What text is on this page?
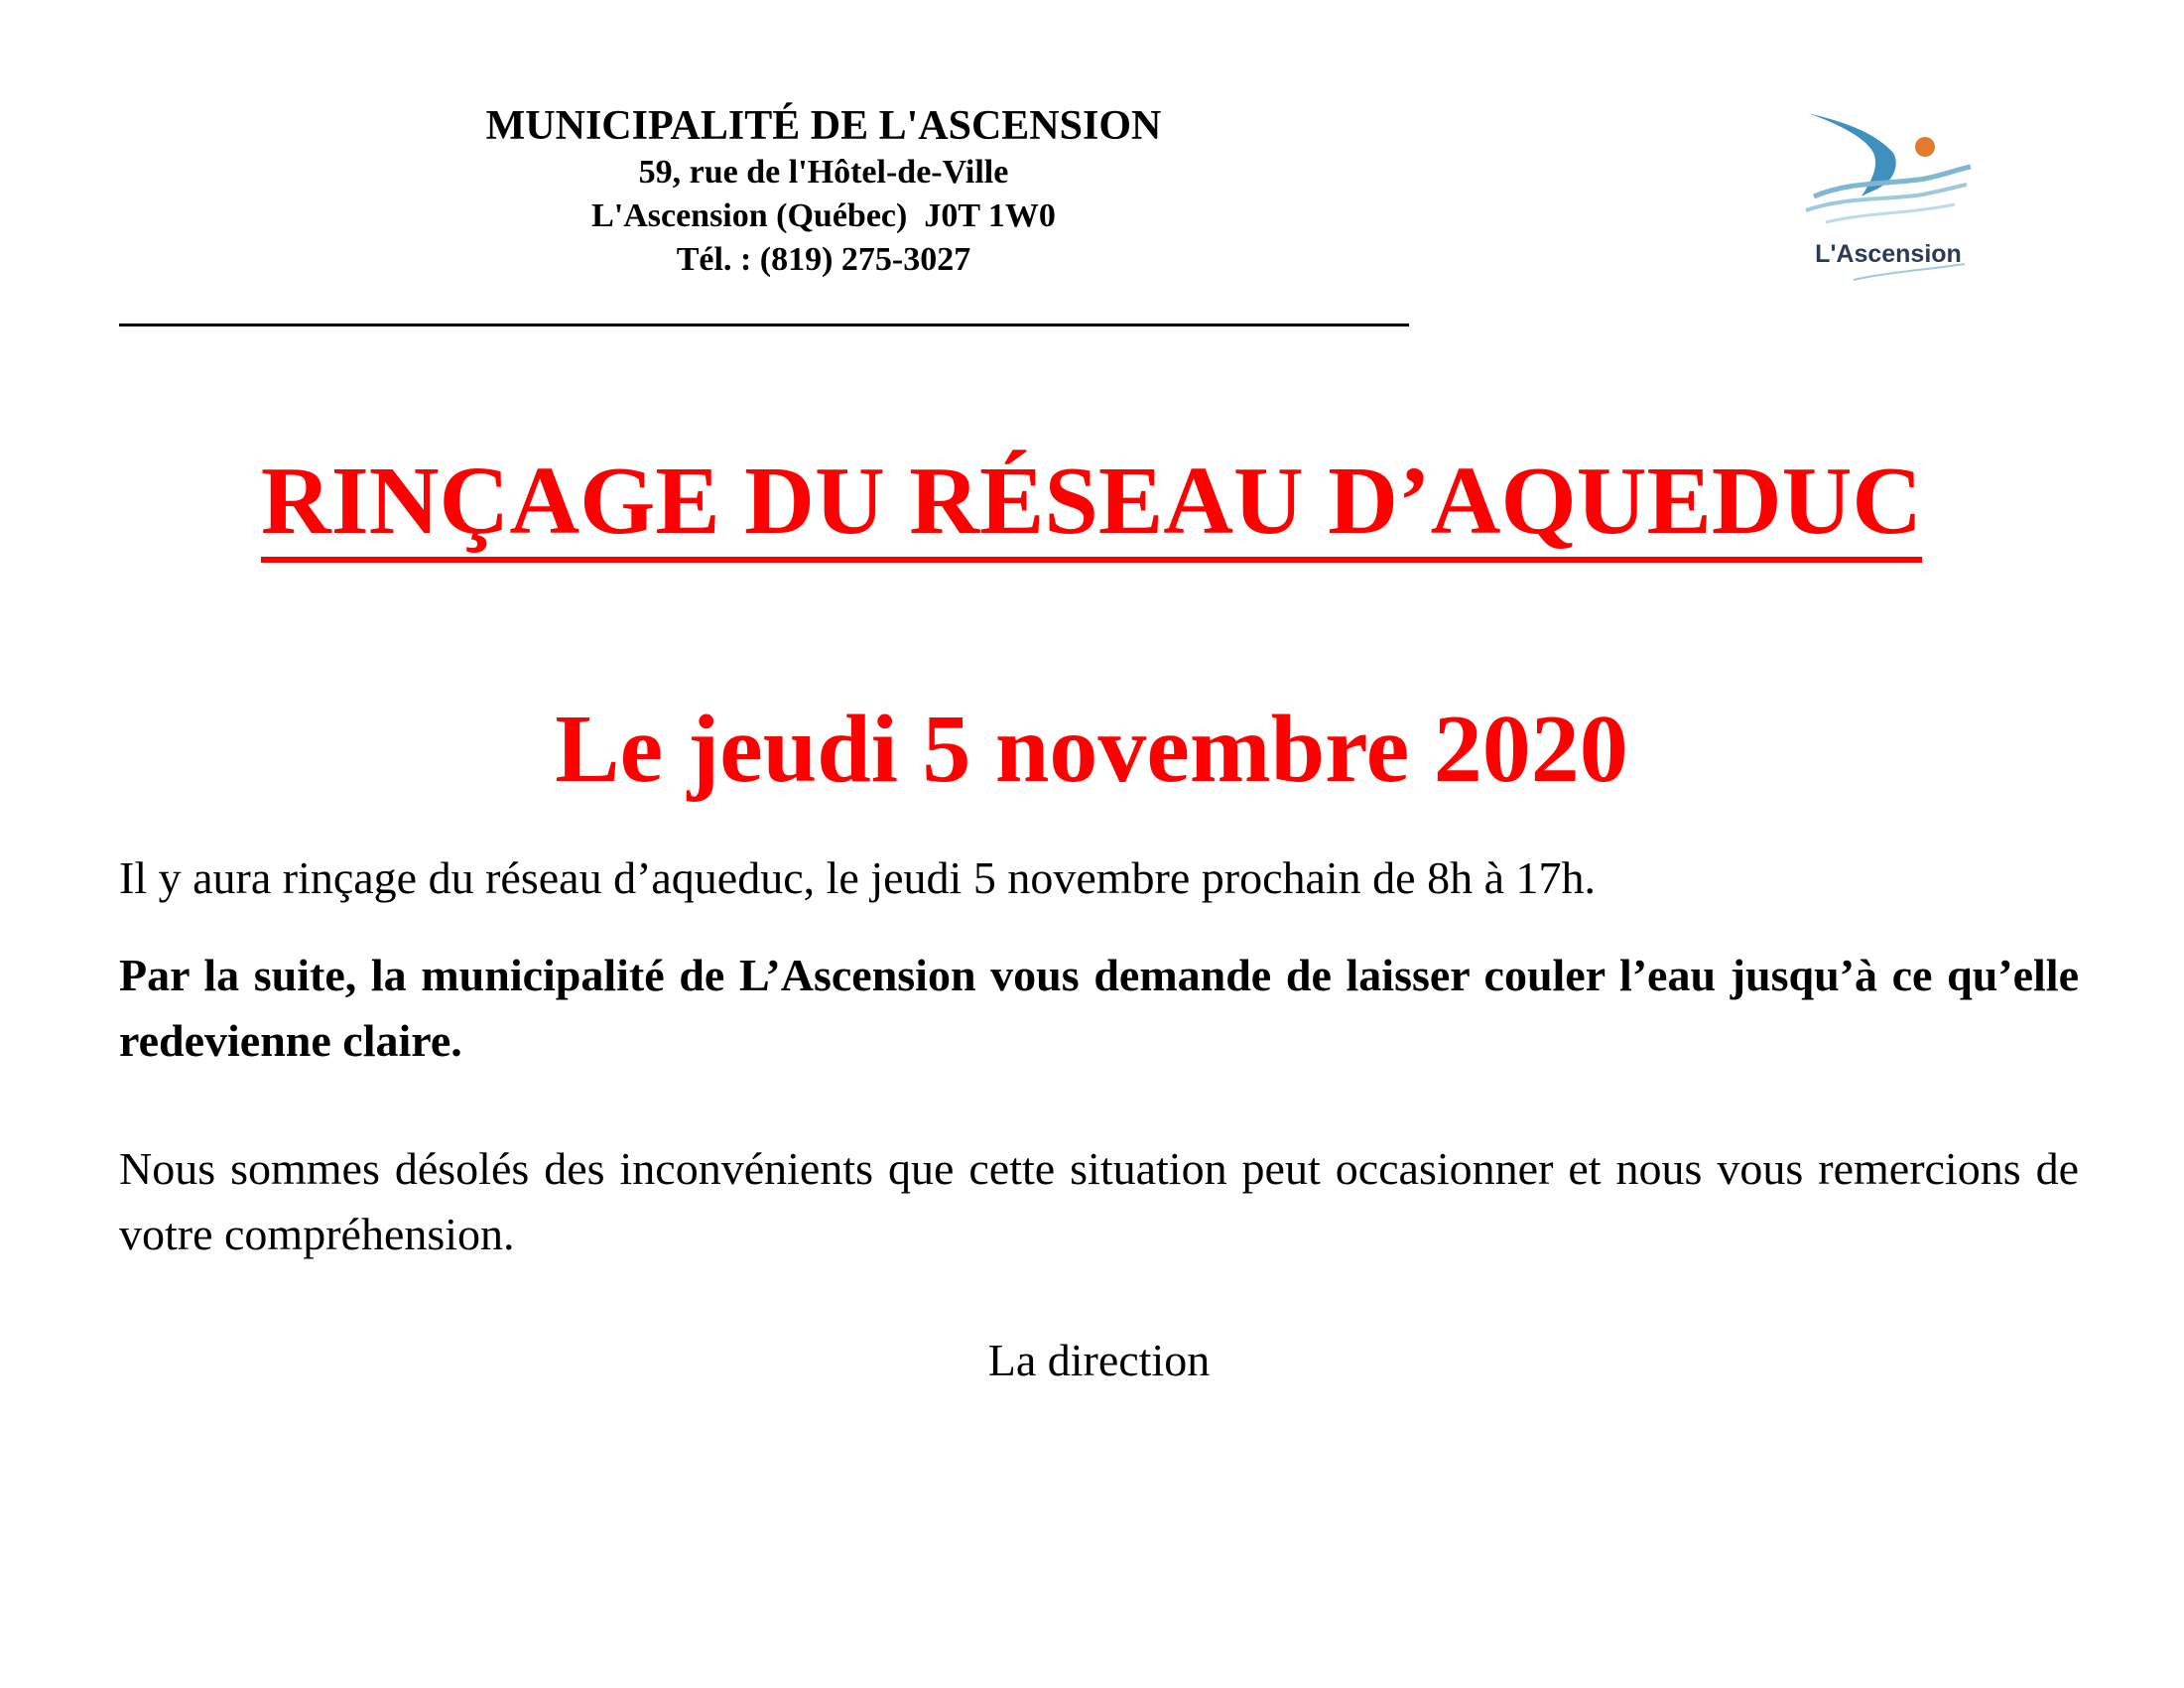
MUNICIPALITÉ DE L'ASCENSION
59, rue de l'Hôtel-de-Ville
L'Ascension (Québec)  J0T 1W0
Tél. : (819) 275-3027	L'Ascension
RINÇAGE DU RÉSEAU D’AQUEDUC
Le jeudi 5 novembre 2020
Il y aura rinçage du réseau d’aqueduc, le jeudi 5 novembre prochain de 8h à 17h.
Par la suite, la municipalité de L’Ascension vous demande de laisser couler l’eau jusqu’à ce qu’elle redevienne claire.
Nous sommes désolés des inconvénients que cette situation peut occasionner et nous vous remercions de votre compréhension.
La direction
